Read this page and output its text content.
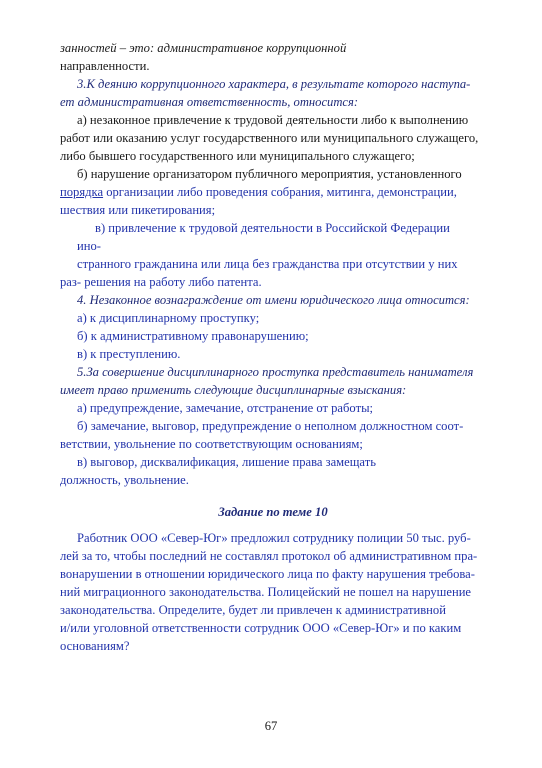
занностей – это: административное коррупционной
направленности.
3.К деянию коррупционного характера, в результате которого наступа-
ет административная ответственность, относится:
а) незаконное привлечение к трудовой деятельности либо к выполнению
работ или оказанию услуг государственного или муниципального служащего,
либо бывшего государственного или муниципального служащего;
б) нарушение организатором публичного мероприятия, установленного
порядка организации либо проведения собрания, митинга, демонстрации,
шествия или пикетирования;
в) привлечение к трудовой деятельности в Российской Федерации
ино-
странного гражданина или лица без гражданства при отсутствии у них
раз- решения на работу либо патента.
4. Незаконное вознаграждение от имени юридического лица относится:
а) к дисциплинарному проступку;
б) к административному правонарушению;
в) к преступлению.
5.За совершение дисциплинарного проступка представитель нанимателя
имеет право применить следующие дисциплинарные взыскания:
а) предупреждение, замечание, отстранение от работы;
б) замечание, выговор, предупреждение о неполном должностном соот-
ветствии, увольнение по соответствующим основаниям;
в) выговор, дисквалификация, лишение права замещать
должность, увольнение.
Задание по теме 10
Работник ООО «Север-Юг» предложил сотруднику полиции 50 тыс. руб-
лей за то, чтобы последний не составлял протокол об административном пра-
вонарушении в отношении юридического лица по факту нарушения требова-
ний миграционного законодательства. Полицейский не пошел на нарушение
законодательства. Определите, будет ли привлечен к административной
и/или уголовной ответственности сотрудник ООО «Север-Юг» и по каким
основаниям?
67
